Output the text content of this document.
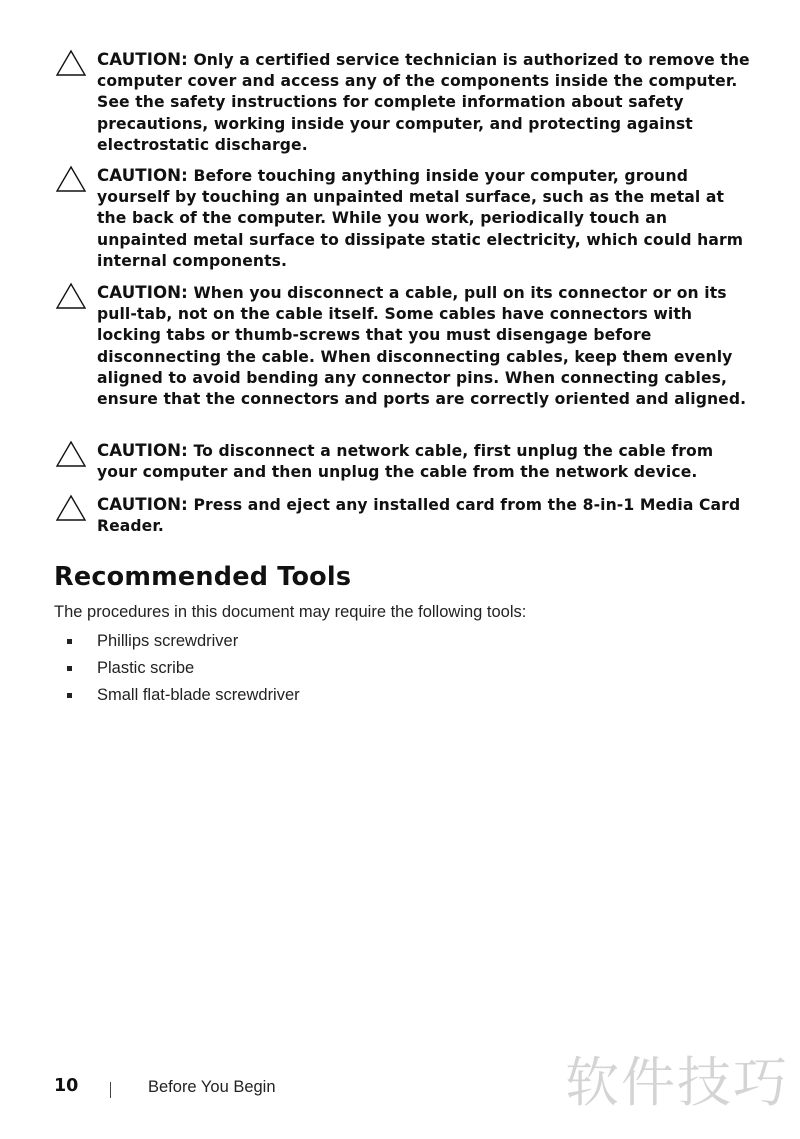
CAUTION: Only a certified service technician is authorized to remove the computer cover and access any of the components inside the computer. See the safety instructions for complete information about safety precautions, working inside your computer, and protecting against electrostatic discharge.
CAUTION: Before touching anything inside your computer, ground yourself by touching an unpainted metal surface, such as the metal at the back of the computer. While you work, periodically touch an unpainted metal surface to dissipate static electricity, which could harm internal components.
CAUTION: When you disconnect a cable, pull on its connector or on its pull-tab, not on the cable itself. Some cables have connectors with locking tabs or thumb-screws that you must disengage before disconnecting the cable. When disconnecting cables, keep them evenly aligned to avoid bending any connector pins. When connecting cables, ensure that the connectors and ports are correctly oriented and aligned.
CAUTION: To disconnect a network cable, first unplug the cable from your computer and then unplug the cable from the network device.
CAUTION: Press and eject any installed card from the 8-in-1 Media Card Reader.
Recommended Tools
The procedures in this document may require the following tools:
Phillips screwdriver
Plastic scribe
Small flat-blade screwdriver
10	Before You Begin	软件技巧
